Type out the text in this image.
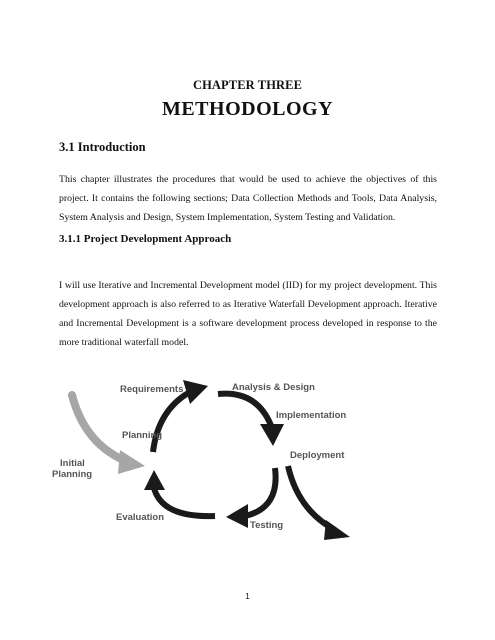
CHAPTER THREE
METHODOLOGY
3.1 Introduction
This chapter illustrates the procedures that would be used to achieve the objectives of this project. It contains the following sections; Data Collection Methods and Tools, Data Analysis, System Analysis and Design, System Implementation, System Testing and Validation.
3.1.1 Project Development Approach
I will use Iterative and Incremental Development model (IID) for my project development. This development approach is also referred to as Iterative Waterfall Development approach. Iterative and Incremental Development is a software development process developed in response to the more traditional waterfall model.
Initial Planning
Planning
Requirements	Analysis & Design
Implementation
Deployment
Testing
Evaluation
1
